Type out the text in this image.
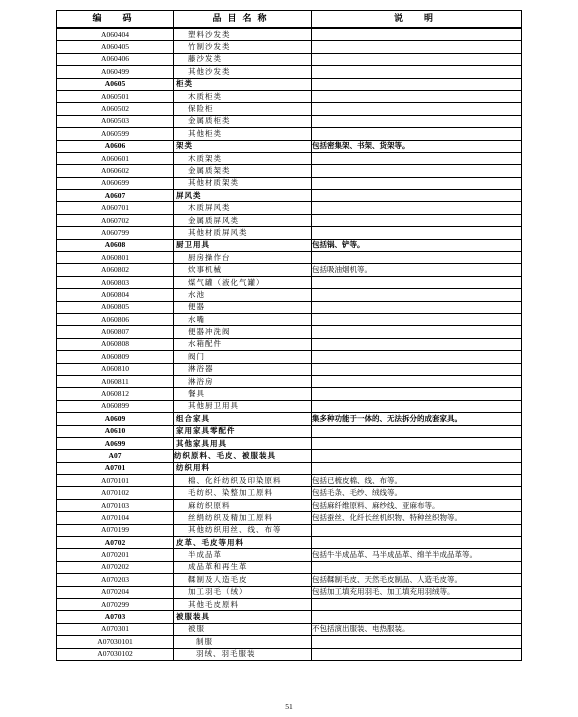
编　码	品目名称	说　明
A060404	塑料沙发类	
A060405	竹制沙发类	
A060406	藤沙发类	
A060499	其他沙发类	
A0605	柜类	
A060501	木质柜类	
A060502	保险柜	
A060503	金属质柜类	
A060599	其他柜类	
A0606	架类	包括密集架、书架、货架等。
A060601	木质架类	
A060602	金属质架类	
A060699	其他材质架类	
A0607	屏风类	
A060701	木质屏风类	
A060702	金属质屏风类	
A060799	其他材质屏风类	
A0608	厨卫用具	包括锅、铲等。
A060801	厨房操作台	
A060802	炊事机械	包括吸油烟机等。
A060803	煤气罐（液化气罐）	
A060804	水池	
A060805	便器	
A060806	水嘴	
A060807	便器冲洗阀	
A060808	水箱配件	
A060809	阀门	
A060810	淋浴器	
A060811	淋浴房	
A060812	餐具	
A060899	其他厨卫用具	
A0609	组合家具	集多种功能于一体的、无法拆分的成套家具。
A0610	家用家具零配件	
A0699	其他家具用具	
A07	纺织原料、毛皮、被服装具	
A0701	纺织用料	
A070101	棉、化纤纺织及印染原料	包括已梳皮棉、线、布等。
A070102	毛纺织、染整加工原料	包括毛条、毛纱、绒线等。
A070103	麻纺织原料	包括麻纤维原料、麻纱线、亚麻布等。
A070104	丝绢纺织及精加工原料	包括蚕丝、化纤长丝机织物、特种丝织物等。
A070199	其他纺织用丝、线、布等	
A0702	皮革、毛皮等用料	
A070201	半成品革	包括牛半成品革、马半成品革、绵羊半成品革等。
A070202	成品革和再生革	
A070203	鞣制及人造毛皮	包括鞣制毛皮、天然毛皮制品、人造毛皮等。
A070204	加工羽毛（绒）	包括加工填充用羽毛、加工填充用羽绒等。
A070299	其他毛皮原料	
A0703	被服装具	
A070301	被服	不包括演出服装、电热服装。
A07030101	制服	
A07030102	羽绒、羽毛服装	
51
